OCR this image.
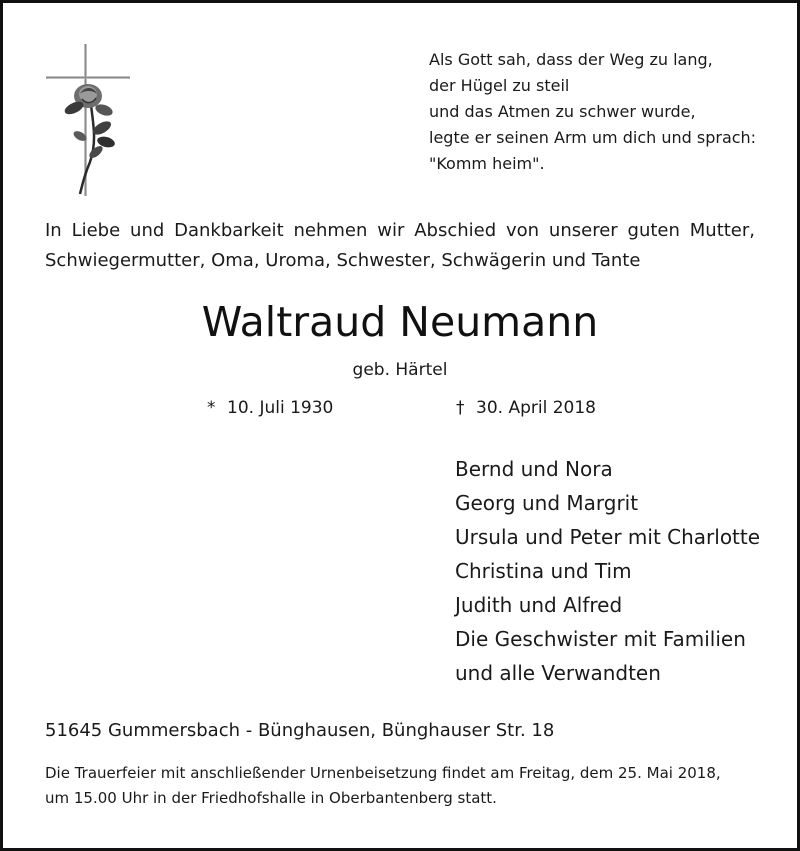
Als Gott sah, dass der Weg zu lang,
der Hügel zu steil
und das Atmen zu schwer wurde,
legte er seinen Arm um dich und sprach:
"Komm heim".
In Liebe und Dankbarkeit nehmen wir Abschied von unserer guten Mutter,
Schwiegermutter, Oma, Uroma, Schwester, Schwägerin und Tante
Waltraud Neumann
geb. Härtel
* 10. Juli 1930	† 30. April 2018
Bernd und Nora
Georg und Margrit
Ursula und Peter mit Charlotte
Christina und Tim
Judith und Alfred
Die Geschwister mit Familien
und alle Verwandten
51645 Gummersbach - Bünghausen, Bünghauser Str. 18
Die Trauerfeier mit anschließender Urnenbeisetzung findet am Freitag, dem 25. Mai 2018,
um 15.00 Uhr in der Friedhofshalle in Oberbantenberg statt.
